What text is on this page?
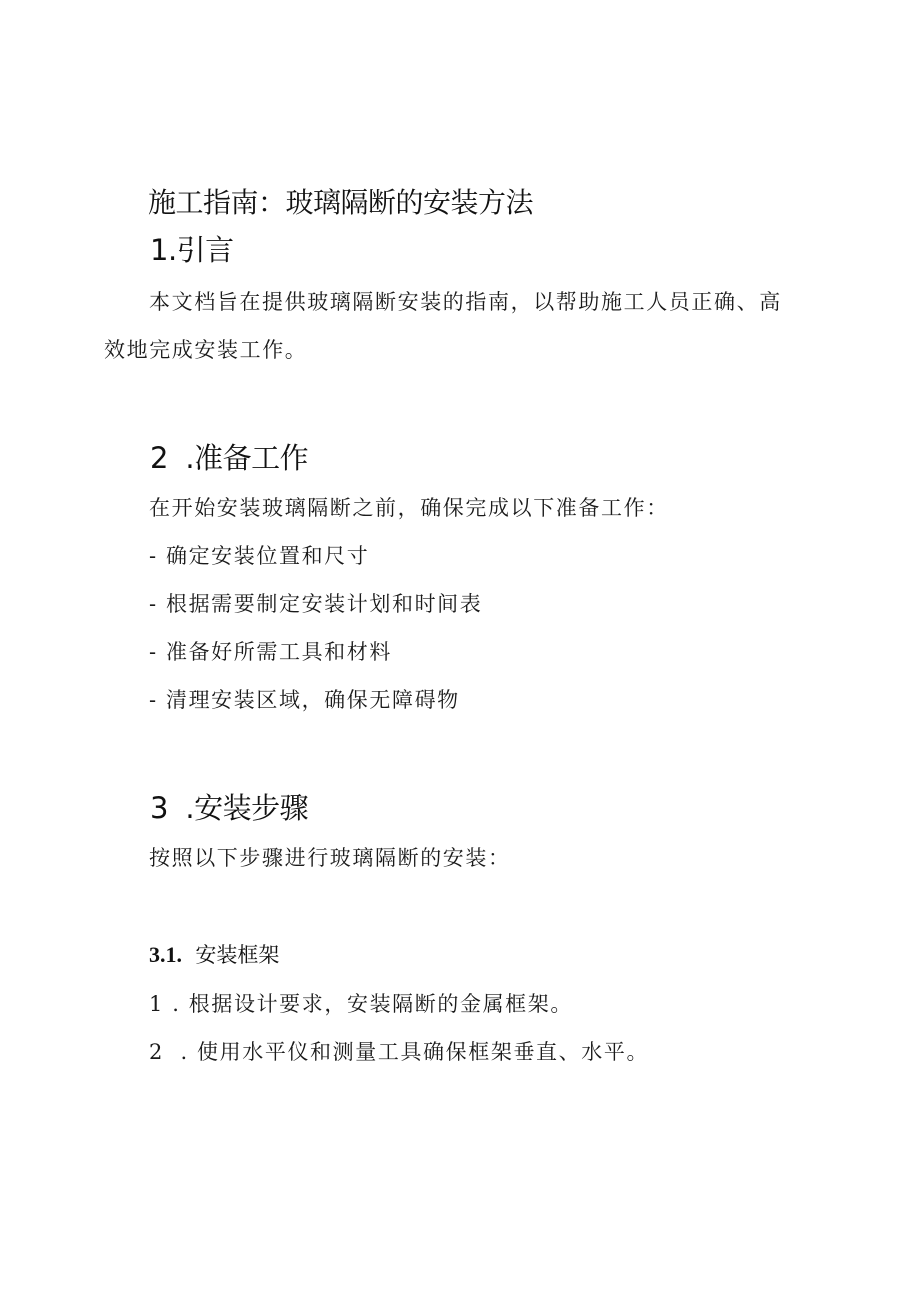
施工指南：玻璃隔断的安装方法
1.引言
本文档旨在提供玻璃隔断安装的指南，以帮助施工人员正确、高
效地完成安装工作。
2  .准备工作
在开始安装玻璃隔断之前，确保完成以下准备工作：
- 确定安装位置和尺寸
- 根据需要制定安装计划和时间表
- 准备好所需工具和材料
- 清理安装区域，确保无障碍物
3  .安装步骤
按照以下步骤进行玻璃隔断的安装：
3.1. 安装框架
1 . 根据设计要求，安装隔断的金属框架。
2  . 使用水平仪和测量工具确保框架垂直、水平。
